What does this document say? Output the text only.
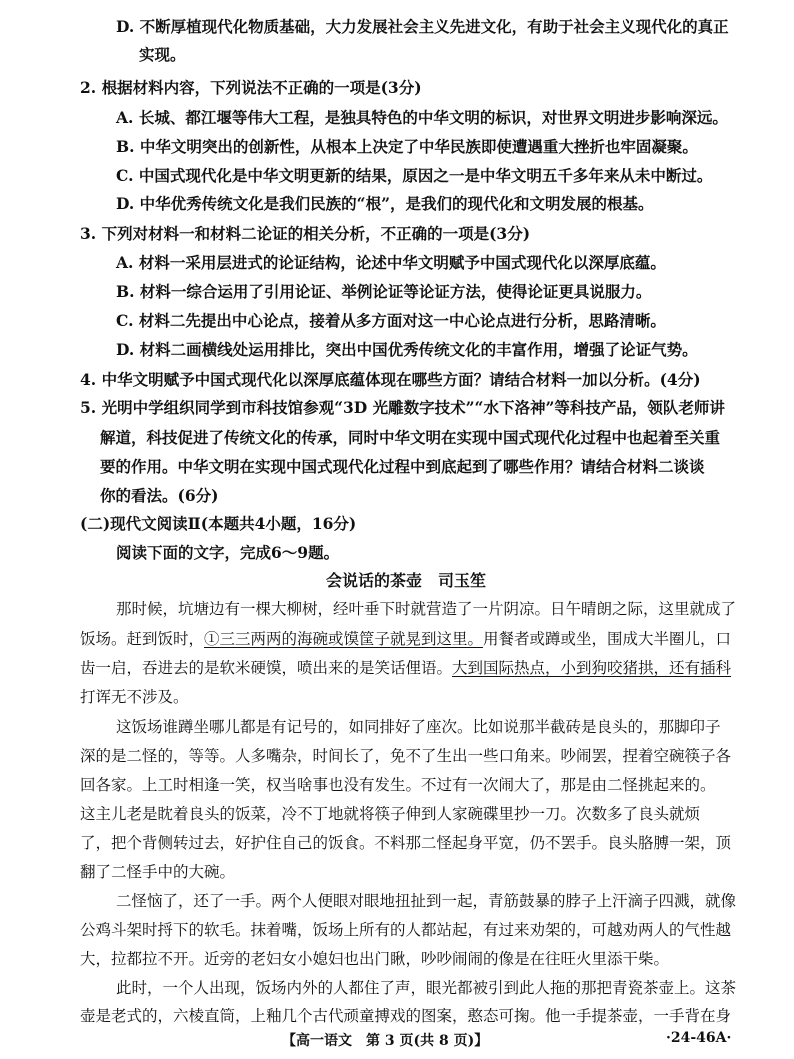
D. 不断厚植现代化物质基础，大力发展社会主义先进文化，有助于社会主义现代化的真正
实现。
2. 根据材料内容，下列说法不正确的一项是(3分)
A. 长城、都江堰等伟大工程，是独具特色的中华文明的标识，对世界文明进步影响深远。
B. 中华文明突出的创新性，从根本上决定了中华民族即使遭遇重大挫折也牢固凝聚。
C. 中国式现代化是中华文明更新的结果，原因之一是中华文明五千多年来从未中断过。
D. 中华优秀传统文化是我们民族的“根”，是我们的现代化和文明发展的根基。
3. 下列对材料一和材料二论证的相关分析，不正确的一项是(3分)
A. 材料一采用层进式的论证结构，论述中华文明赋予中国式现代化以深厚底蕴。
B. 材料一综合运用了引用论证、举例论证等论证方法，使得论证更具说服力。
C. 材料二先提出中心论点，接着从多方面对这一中心论点进行分析，思路清晰。
D. 材料二画横线处运用排比，突出中国优秀传统文化的丰富作用，增强了论证气势。
4. 中华文明赋予中国式现代化以深厚底蕴体现在哪些方面？请结合材料一加以分析。(4分)
5. 光明中学组织同学到市科技馆参观“3D 光雕数字技术”“水下洛神”等科技产品，领队老师讲
解道，科技促进了传统文化的传承，同时中华文明在实现中国式现代化过程中也起着至关重
要的作用。中华文明在实现中国式现代化过程中到底起到了哪些作用？请结合材料二谈谈
你的看法。(6分)
(二)现代文阅读Ⅱ(本题共4小题，16分)
阅读下面的文字，完成6～9题。
会说话的茶壶　司玉笙
那时候，坑塘边有一棵大柳树，经叶垂下时就营造了一片阴凉。日午晴朗之际，这里就成了
饭场。赶到饭时，①三三两两的海碗或馍筐子就晃到这里。用餐者或蹲或坐，围成大半圈儿，口
齿一启，吞进去的是软米硬馍，喷出来的是笑话俚语。大到国际热点，小到狗咬猪拱，还有插科
打诨无不涉及。
这饭场谁蹲坐哪儿都是有记号的，如同排好了座次。比如说那半截砖是良头的，那脚印子
深的是二怪的，等等。人多嘴杂，时间长了，免不了生出一些口角来。吵闹罢，捏着空碗筷子各
回各家。上工时相逢一笑，权当啥事也没有发生。不过有一次闹大了，那是由二怪挑起来的。
这主儿老是眈着良头的饭菜，冷不丁地就将筷子伸到人家碗碟里抄一刀。次数多了良头就烦
了，把个背侧转过去，好护住自己的饭食。不料那二怪起身平宽，仍不罢手。良头胳膊一架，顶
翻了二怪手中的大碗。
二怪恼了，还了一手。两个人便眼对眼地扭扯到一起，青筋鼓暴的脖子上汗滴子四溅，就像
公鸡斗架时捋下的软毛。抹着嘴，饭场上所有的人都站起，有过来劝架的，可越劝两人的气性越
大，拉都拉不开。近旁的老妇女小媳妇也出门瞅，吵吵闹闹的像是在往旺火里添干柴。
此时，一个人出现，饭场内外的人都住了声，眼光都被引到此人拖的那把青瓷茶壶上。这茶
壶是老式的，六棱直筒，上釉几个古代顽童搏戏的图案，憨态可掬。他一手提茶壶，一手背在身
【高一语文　第 3 页(共 8 页)】	·24-46A·
